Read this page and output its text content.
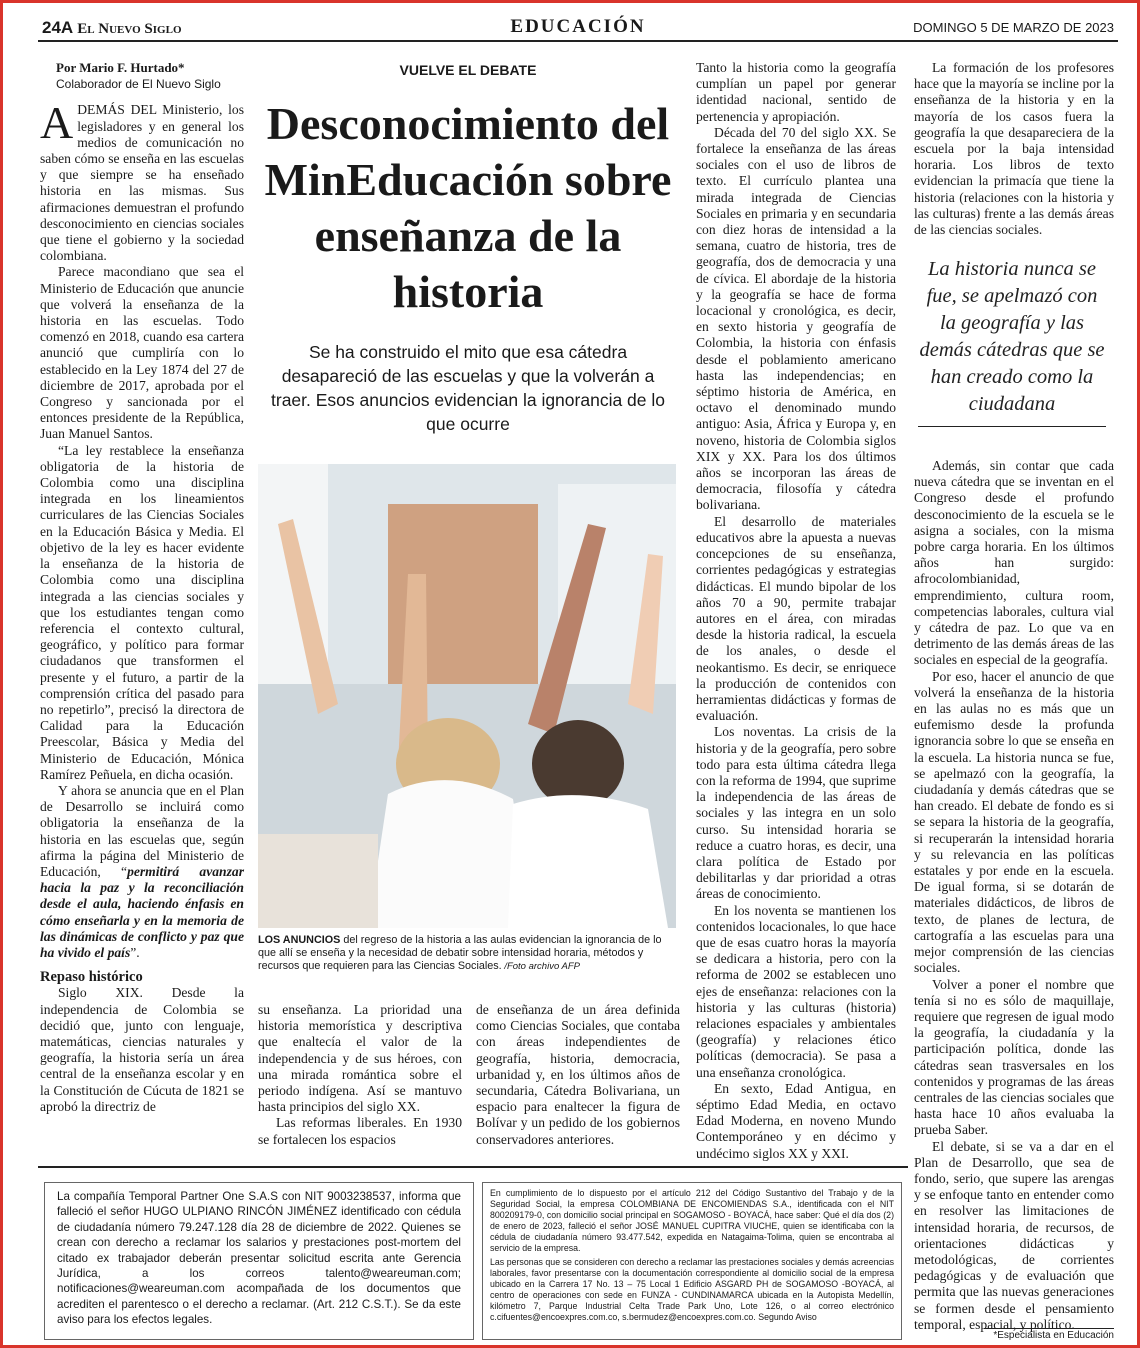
24A El Nuevo Siglo	EDUCACIÓN	DOMINGO 5 DE MARZO DE 2023
Por Mario F. Hurtado*
Colaborador de El Nuevo Siglo

ADEMÁS DEL Ministerio, los legisladores y en general los medios de comunicación no saben cómo se enseña en las escuelas y que siempre se ha enseñado historia en las mismas. Sus afirmaciones demuestran el profundo desconocimiento en ciencias sociales que tiene el gobierno y la sociedad colombiana.

Parece macondiano que sea el Ministerio de Educación que anuncie que volverá la enseñanza de la historia en las escuelas. Todo comenzó en 2018, cuando esa cartera anunció que cumpliría con lo establecido en la Ley 1874 del 27 de diciembre de 2017, aprobada por el Congreso y sancionada por el entonces presidente de la República, Juan Manuel Santos.

“La ley restablece la enseñanza obligatoria de la historia de Colombia como una disciplina integrada en los lineamientos curriculares de las Ciencias Sociales en la Educación Básica y Media. El objetivo de la ley es hacer evidente la enseñanza de la historia de Colombia como una disciplina integrada a las ciencias sociales y que los estudiantes tengan como referencia el contexto cultural, geográfico, y político para formar ciudadanos que transformen el presente y el futuro, a partir de la comprensión crítica del pasado para no repetirlo”, precisó la directora de Calidad para la Educación Preescolar, Básica y Media del Ministerio de Educación, Mónica Ramírez Peñuela, en dicha ocasión.

Y ahora se anuncia que en el Plan de Desarrollo se incluirá como obligatoria la enseñanza de la historia en las escuelas que, según afirma la página del Ministerio de Educación, “permitirá avanzar hacia la paz y la reconciliación desde el aula, haciendo énfasis en cómo enseñarla y en la memoria de las dinámicas de conflicto y paz que ha vivido el país”.

Repaso histórico

Siglo XIX. Desde la independencia de Colombia se decidió que, junto con lenguaje, matemáticas, ciencias naturales y geografía, la historia sería un área central de la enseñanza escolar y en la Constitución de Cúcuta de 1821 se aprobó la directriz de

VUELVE EL DEBATE
Desconocimiento del MinEducación sobre enseñanza de la historia
Se ha construido el mito que esa cátedra desapareció de las escuelas y que la volverán a traer. Esos anuncios evidencian la ignorancia de lo que ocurre
LOS ANUNCIOS del regreso de la historia a las aulas evidencian la ignorancia de lo que allí se enseña y la necesidad de debatir sobre intensidad horaria, métodos y recursos que requieren para las Ciencias Sociales. /Foto archivo AFP

su enseñanza. La prioridad una historia memorística y descriptiva que enaltecía el valor de la independencia y de sus héroes, con una mirada romántica sobre el periodo indígena. Así se mantuvo hasta principios del siglo XX.

Las reformas liberales. En 1930 se fortalecen los espacios

de enseñanza de un área definida como Ciencias Sociales, que contaba con áreas independientes de geografía, historia, democracia, urbanidad y, en los últimos años de secundaria, Cátedra Bolivariana, un espacio para enaltecer la figura de Bolívar y un pedido de los gobiernos conservadores anteriores.

Tanto la historia como la geografía cumplían un papel por generar identidad nacional, sentido de pertenencia y apropiación.

Década del 70 del siglo XX. Se fortalece la enseñanza de las áreas sociales con el uso de libros de texto. El currículo plantea una mirada integrada de Ciencias Sociales en primaria y en secundaria con diez horas de intensidad a la semana, cuatro de historia, tres de geografía, dos de democracia y una de cívica. El abordaje de la historia y la geografía se hace de forma locacional y cronológica, es decir, en sexto historia y geografía de Colombia, la historia con énfasis desde el poblamiento americano hasta las independencias; en séptimo historia de América, en octavo el denominado mundo antiguo: Asia, África y Europa y, en noveno, historia de Colombia siglos XIX y XX. Para los dos últimos años se incorporan las áreas de democracia, filosofía y cátedra bolivariana.

El desarrollo de materiales educativos abre la apuesta a nuevas concepciones de su enseñanza, corrientes pedagógicas y estrategias didácticas. El mundo bipolar de los años 70 a 90, permite trabajar autores en el área, con miradas desde la historia radical, la escuela de los anales, o desde el neokantismo. Es decir, se enriquece la producción de contenidos con herramientas didácticas y formas de evaluación.

Los noventas. La crisis de la historia y de la geografía, pero sobre todo para esta última cátedra llega con la reforma de 1994, que suprime la independencia de las áreas de sociales y las integra en un solo curso. Su intensidad horaria se reduce a cuatro horas, es decir, una clara política de Estado por debilitarlas y dar prioridad a otras áreas de conocimiento.

En los noventa se mantienen los contenidos locacionales, lo que hace que de esas cuatro horas la mayoría se dedicara a historia, pero con la reforma de 2002 se establecen uno ejes de enseñanza: relaciones con la historia y las culturas (historia) relaciones espaciales y ambientales (geografía) y relaciones ético políticas (democracia). Se pasa a una enseñanza cronológica.

En sexto, Edad Antigua, en séptimo Edad Media, en octavo Edad Moderna, en noveno Mundo Contemporáneo y en décimo y undécimo siglos XX y XXI.

La formación de los profesores hace que la mayoría se incline por la enseñanza de la historia y en la mayoría de los casos fuera la geografía la que desapareciera de la escuela por la baja intensidad horaria. Los libros de texto evidencian la primacía que tiene la historia (relaciones con la historia y las culturas) frente a las demás áreas de las ciencias sociales.

La historia nunca se fue, se apelmazó con la geografía y las demás cátedras que se han creado como la ciudadana

Además, sin contar que cada nueva cátedra que se inventan en el Congreso desde el profundo desconocimiento de la escuela se le asigna a sociales, con la misma pobre carga horaria. En los últimos años han surgido: afrocolombianidad, emprendimiento, cultura room, competencias laborales, cultura vial y cátedra de paz. Lo que va en detrimento de las demás áreas de las sociales en especial de la geografía.

Por eso, hacer el anuncio de que volverá la enseñanza de la historia en las aulas no es más que un eufemismo desde la profunda ignorancia sobre lo que se enseña en la escuela. La historia nunca se fue, se apelmazó con la geografía, la ciudadanía y demás cátedras que se han creado. El debate de fondo es si se separa la historia de la geografía, si recuperarán la intensidad horaria y su relevancia en las políticas estatales y por ende en la escuela. De igual forma, si se dotarán de materiales didácticos, de libros de texto, de planes de lectura, de cartografía a las escuelas para una mejor comprensión de las ciencias sociales.

Volver a poner el nombre que tenía si no es sólo de maquillaje, requiere que regresen de igual modo la geografía, la ciudadanía y la participación política, donde las cátedras sean trasversales en los contenidos y programas de las áreas centrales de las ciencias sociales que hasta hace 10 años evaluaba la prueba Saber.

El debate, si se va a dar en el Plan de Desarrollo, que sea de fondo, serio, que supere las arengas y se enfoque tanto en entender como en resolver las limitaciones de intensidad horaria, de recursos, de orientaciones didácticas y metodológicas, de corrientes pedagógicas y de evaluación que permita que las nuevas generaciones se formen desde el pensamiento temporal, espacial, y político.

*Especialista en Educación
La compañía Temporal Partner One S.A.S con NIT 9003238537, informa que falleció el señor HUGO ULPIANO RINCÓN JIMÉNEZ identificado con cédula de ciudadanía número 79.247.128 día 28 de diciembre de 2022. Quienes se crean con derecho a reclamar los salarios y prestaciones post-mortem del citado ex trabajador deberán presentar solicitud escrita ante Gerencia Jurídica, a los correos talento@weareuman.com; notificaciones@weareuman.com acompañada de los documentos que acrediten el parentesco o el derecho a reclamar. (Art. 212 C.S.T.). Se da este aviso para los efectos legales.

En cumplimiento de lo dispuesto por el artículo 212 del Código Sustantivo del Trabajo y de la Seguridad Social, la empresa COLOMBIANA DE ENCOMIENDAS S.A., identificada con el NIT 800209179-0, con domicilio social principal en SOGAMOSO - BOYACÁ, hace saber: Qué el día dos (2) de enero de 2023, falleció el señor JOSÉ MANUEL CUPITRA VIUCHE, quien se identificaba con la cédula de ciudadanía número 93.477.542, expedida en Natagaima-Tolima, quien se encontraba al servicio de la empresa.

Las personas que se consideren con derecho a reclamar las prestaciones sociales y demás acreencias laborales, favor presentarse con la documentación correspondiente al domicilio social de la empresa ubicado en la Carrera 17 No. 13 – 75 Local 1 Edificio ASGARD PH de SOGAMOSO -BOYACÁ, al centro de operaciones con sede en FUNZA - CUNDINAMARCA ubicada en la Autopista Medellín, kilómetro 7, Parque Industrial Celta Trade Park Uno, Lote 126, o al correo electrónico c.cifuentes@encoexpres.com.co, s.bermudez@encoexpres.com.co. Segundo Aviso
